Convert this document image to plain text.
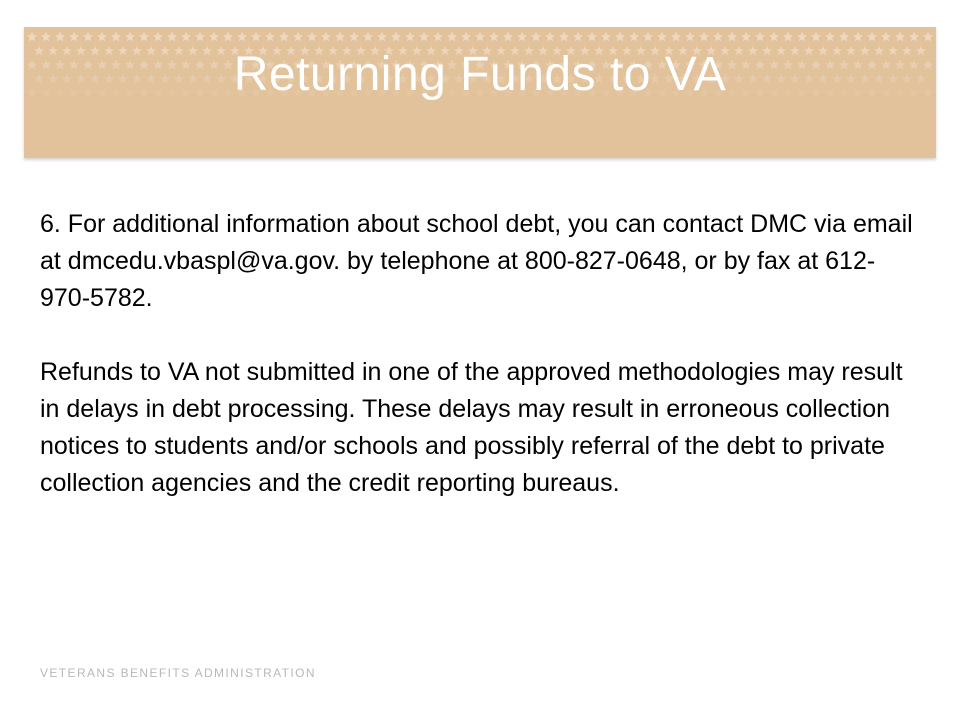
Returning Funds to VA

6. For additional information about school debt, you can contact DMC via email at dmcedu.vbaspl@va.gov. by telephone at 800-827-0648, or by fax at 612-970-5782.

Refunds to VA not submitted in one of the approved methodologies may result in delays in debt processing. These delays may result in erroneous collection notices to students and/or schools and possibly referral of the debt to private collection agencies and the credit reporting bureaus.

VETERANS BENEFITS ADMINISTRATION
